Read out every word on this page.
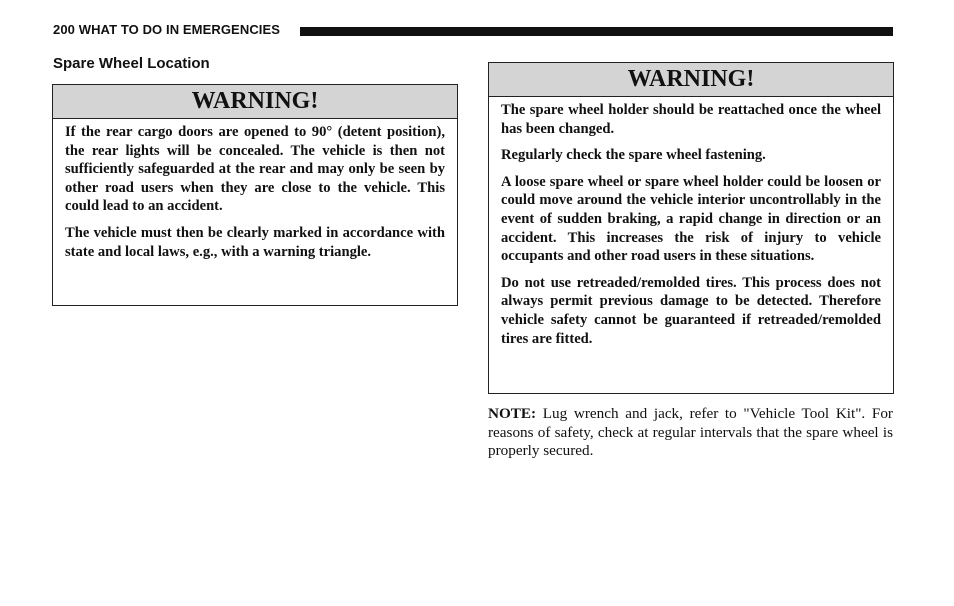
200 WHAT TO DO IN EMERGENCIES
Spare Wheel Location
WARNING!

If the rear cargo doors are opened to 90° (detent position), the rear lights will be concealed. The vehicle is then not sufficiently safeguarded at the rear and may only be seen by other road users when they are close to the vehicle. This could lead to an accident.

The vehicle must then be clearly marked in accordance with state and local laws, e.g., with a warning triangle.

WARNING!

The spare wheel holder should be reattached once the wheel has been changed.

Regularly check the spare wheel fastening.

A loose spare wheel or spare wheel holder could be loosen or could move around the vehicle interior uncontrollably in the event of sudden braking, a rapid change in direction or an accident. This increases the risk of injury to vehicle occupants and other road users in these situations.

Do not use retreaded/remolded tires. This process does not always permit previous damage to be detected. Therefore vehicle safety cannot be guaranteed if retreaded/remolded tires are fitted.

NOTE: Lug wrench and jack, refer to "Vehicle Tool Kit". For reasons of safety, check at regular intervals that the spare wheel is properly secured.
